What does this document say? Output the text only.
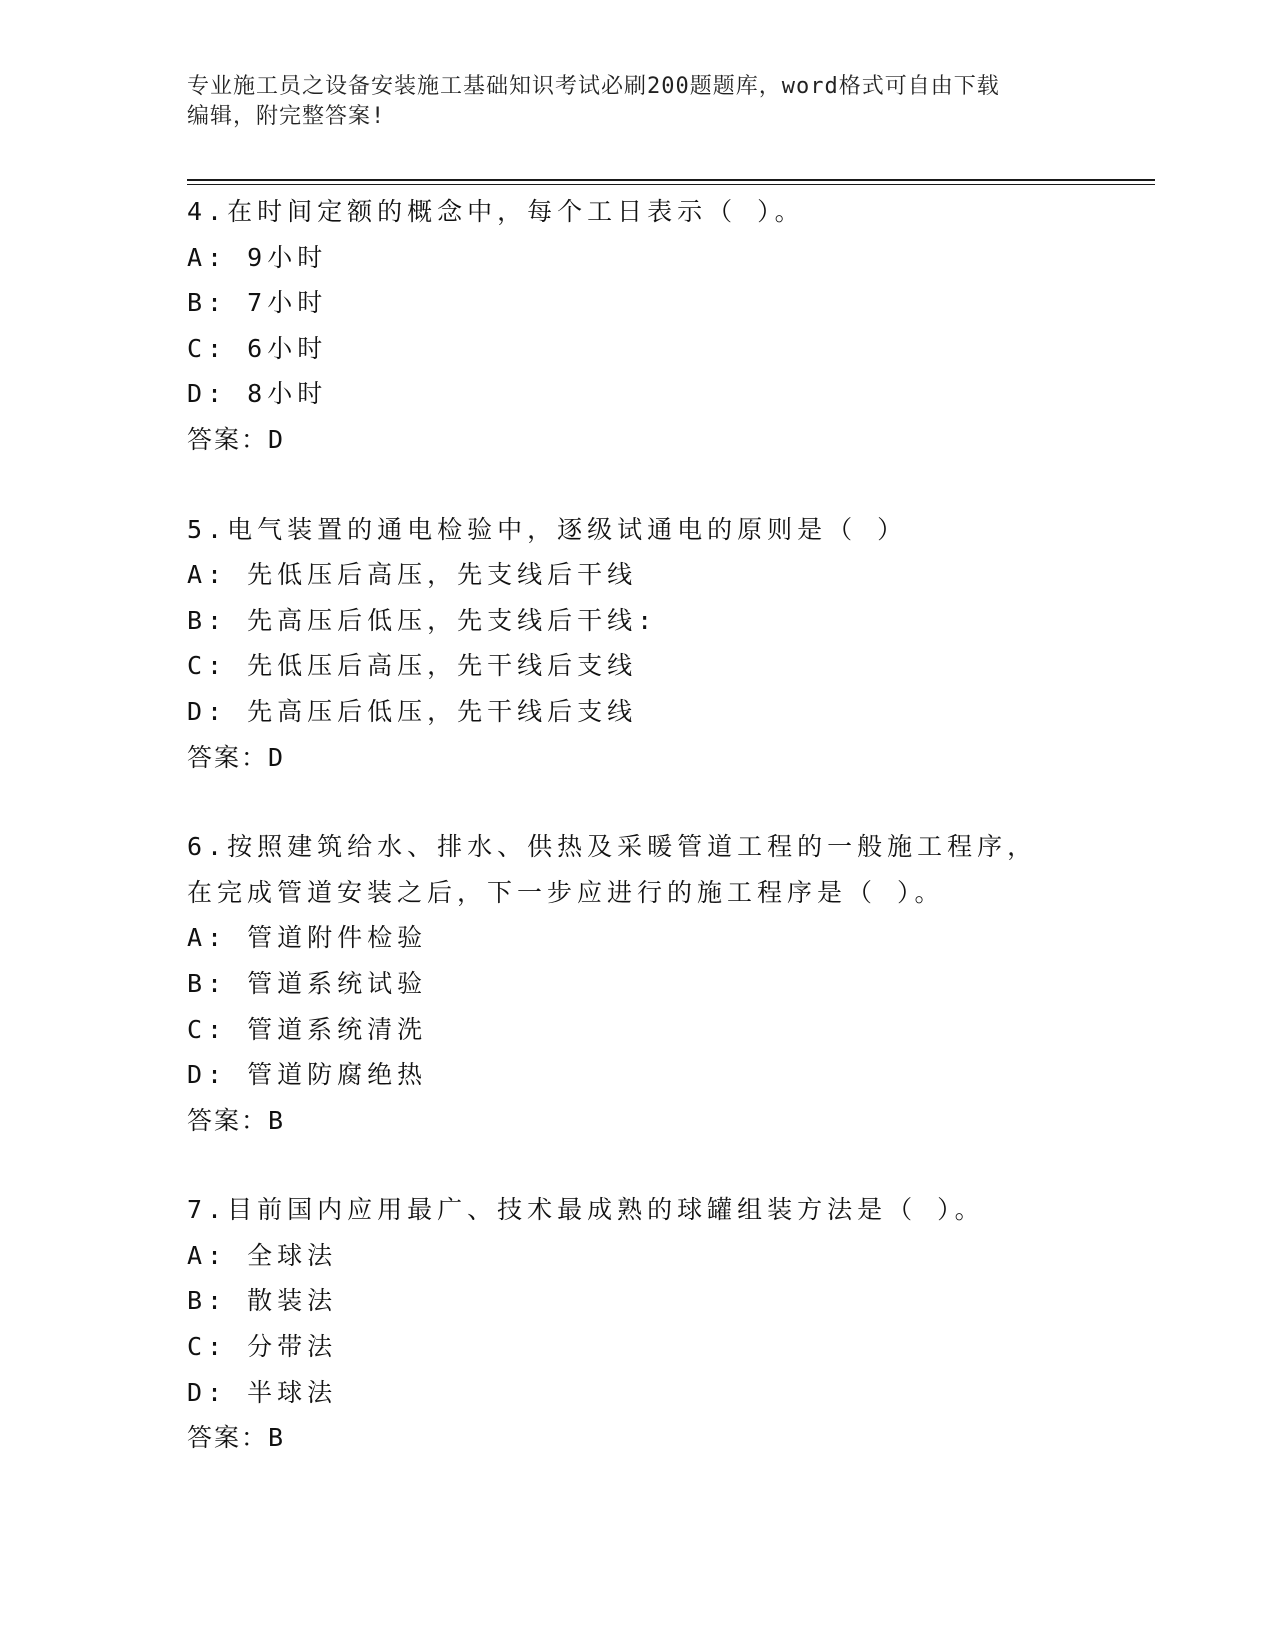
专业施工员之设备安装施工基础知识考试必刷200题题库，word格式可自由下载
编辑，附完整答案!
4.在时间定额的概念中，每个工日表示（ ）。
A: 9小时
B: 7小时
C: 6小时
D: 8小时
答案：D
5.电气装置的通电检验中，逐级试通电的原则是（ ）
A: 先低压后高压，先支线后干线
B: 先高压后低压，先支线后干线:
C: 先低压后高压，先干线后支线
D: 先高压后低压，先干线后支线
答案：D
6.按照建筑给水、排水、供热及采暖管道工程的一般施工程序，在完成管道安装之后，下一步应进行的施工程序是（ ）。
A: 管道附件检验
B: 管道系统试验
C: 管道系统清洗
D: 管道防腐绝热
答案：B
7.目前国内应用最广、技术最成熟的球罐组装方法是（ ）。
A: 全球法
B: 散装法
C: 分带法
D: 半球法
答案：B
